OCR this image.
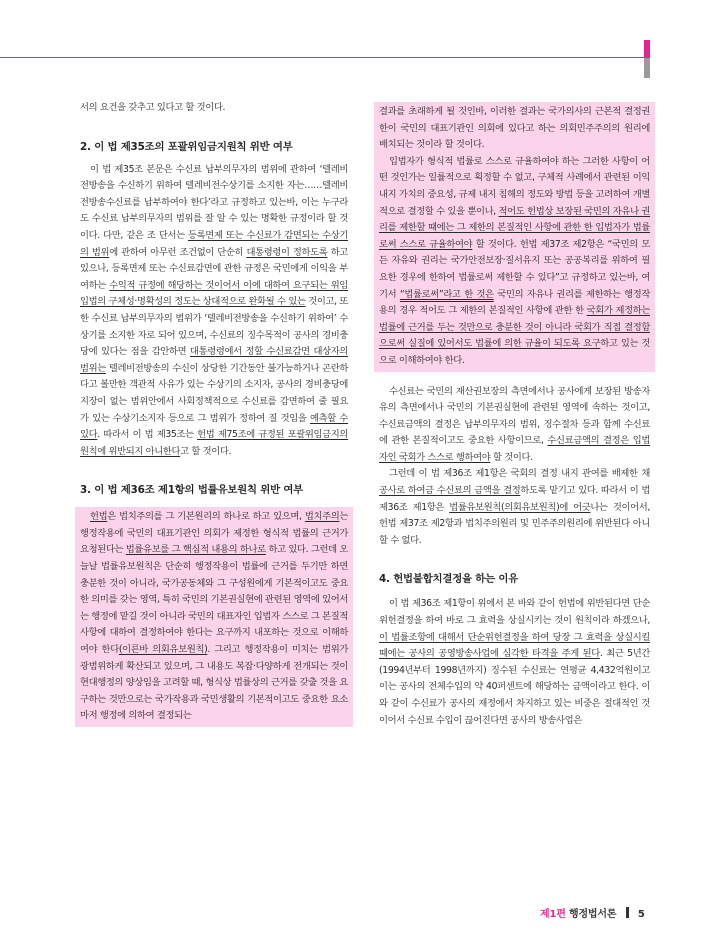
서의 요건을 갖추고 있다고 할 것이다.

2. 이 법 제35조의 포괄위임금지원칙 위반 여부

이 법 제35조 본문은 수신료 납부의무자의 범위에 관하여 ‘텔레비전방송을 수신하기 위하여 텔레비전수상기를 소지한 자는……텔레비전방송수신료를 납부하여야 한다’라고 규정하고 있는바, 이는 누구라도 수신료 납부의무자의 범위를 잘 알 수 있는 명확한 규정이라 할 것이다. 다만, 같은 조 단서는 등록면제 또는 수신료가 감면되는 수상기의 범위에 관하여 아무런 조건없이 단순히 대통령령이 정하도록 하고 있으나, 등록면제 또는 수신료감면에 관한 규정은 국민에게 이익을 부여하는 수익적 규정에 해당하는 것이어서 이에 대하여 요구되는 위임입법의 구체성·명확성의 정도는 상대적으로 완화될 수 있는 것이고, 또한 수신료 납부의무자의 범위가 ‘텔레비전방송을 수신하기 위하여’ 수상기를 소지한 자로 되어 있으며, 수신료의 징수목적이 공사의 경비충당에 있다는 점을 감안하면 대통령령에서 정할 수신료감면 대상자의 범위는 텔레비전방송의 수신이 상당한 기간동안 불가능하거나 곤란하다고 볼만한 객관적 사유가 있는 수상기의 소지자, 공사의 경비충당에 지장이 없는 범위안에서 사회정책적으로 수신료를 감면하여 줄 필요가 있는 수상기소지자 등으로 그 범위가 정하여 질 것임을 예측할 수 있다. 따라서 이 법 제35조는 헌법 제75조에 규정된 포괄위임금지의 원칙에 위반되지 아니한다고 할 것이다.

3. 이 법 제36조 제1항의 법률유보원칙 위반 여부

헌법은 법치주의를 그 기본원리의 하나로 하고 있으며, 법치주의는 행정작용에 국민의 대표기관인 의회가 제정한 형식적 법률의 근거가 요청된다는 법률유보를 그 핵심적 내용의 하나로 하고 있다. 그런데 오늘날 법률유보원칙은 단순히 행정작용이 법률에 근거를 두기만 하면 충분한 것이 아니라, 국가공동체와 그 구성원에게 기본적이고도 중요한 의미를 갖는 영역, 특히 국민의 기본권실현에 관련된 영역에 있어서는 행정에 맡길 것이 아니라 국민의 대표자인 입법자 스스로 그 본질적 사항에 대하여 결정하여야 한다는 요구까지 내포하는 것으로 이해하여야 한다(이른바 의회유보원칙). 그리고 행정작용이 미치는 범위가 광범위하게 확산되고 있으며, 그 내용도 복잡·다양하게 전개되는 것이 현대행정의 양상임을 고려할 때, 형식상 법률상의 근거를 갖출 것을 요구하는 것만으로는 국가작용과 국민생활의 기본적이고도 중요한 요소마저 행정에 의하여 결정되는

결과를 초래하게 될 것인바, 이러한 결과는 국가의사의 근본적 결정권한이 국민의 대표기관인 의회에 있다고 하는 의회민주주의의 원리에 배치되는 것이라 할 것이다.

입법자가 형식적 법률로 스스로 규율하여야 하는 그러한 사항이 어떤 것인가는 일률적으로 획정할 수 없고, 구체적 사례에서 관련된 이익 내지 가치의 중요성, 규제 내지 침해의 정도와 방법 등을 고려하여 개별적으로 결정할 수 있을 뿐이나, 적어도 헌법상 보장된 국민의 자유나 권리를 제한할 때에는 그 제한의 본질적인 사항에 관한 한 입법자가 법률로써 스스로 규율하여야 할 것이다. 헌법 제37조 제2항은 “국민의 모든 자유와 권리는 국가안전보장·질서유지 또는 공공복리를 위하여 필요한 경우에 한하여 법률로써 제한할 수 있다”고 규정하고 있는바, 여기서 “법률로써”라고 한 것은 국민의 자유나 권리를 제한하는 행정작용의 경우 적어도 그 제한의 본질적인 사항에 관한 한 국회가 제정하는 법률에 근거를 두는 것만으로 충분한 것이 아니라 국회가 직접 결정함으로써 실질에 있어서도 법률에 의한 규율이 되도록 요구하고 있는 것으로 이해하여야 한다.

수신료는 국민의 재산권보장의 측면에서나 공사에게 보장된 방송자유의 측면에서나 국민의 기본권실현에 관련된 영역에 속하는 것이고, 수신료금액의 결정은 납부의무자의 범위, 징수절차 등과 함께 수신료에 관한 본질적이고도 중요한 사항이므로, 수신료금액의 결정은 입법자인 국회가 스스로 행하여야 할 것이다.

그런데 이 법 제36조 제1항은 국회의 결정 내지 관여를 배제한 채 공사로 하여금 수신료의 금액을 결정하도록 맡기고 있다. 따라서 이 법 제36조 제1항은 법률유보원칙(의회유보원칙)에 어긋나는 것이어서, 헌법 제37조 제2항과 법치주의원리 및 민주주의원리에 위반된다 아니할 수 없다.

4. 헌법불합치결정을 하는 이유

이 법 제36조 제1항이 위에서 본 바와 같이 헌법에 위반된다면 단순위헌결정을 하여 바로 그 효력을 상실시키는 것이 원칙이라 하겠으나, 이 법률조항에 대해서 단순위헌결정을 하여 당장 그 효력을 상실시킬 때에는 공사의 공영방송사업에 심각한 타격을 주게 된다. 최근 5년간(1994년부터 1998년까지) 징수된 수신료는 연평균 4,432억원이고 이는 공사의 전체수입의 약 40퍼센트에 해당하는 금액이라고 한다. 이와 같이 수신료가 공사의 재정에서 차지하고 있는 비중은 절대적인 것이어서 수신료 수입이 끊어진다면 공사의 방송사업은

제1편 행정법서론 5
